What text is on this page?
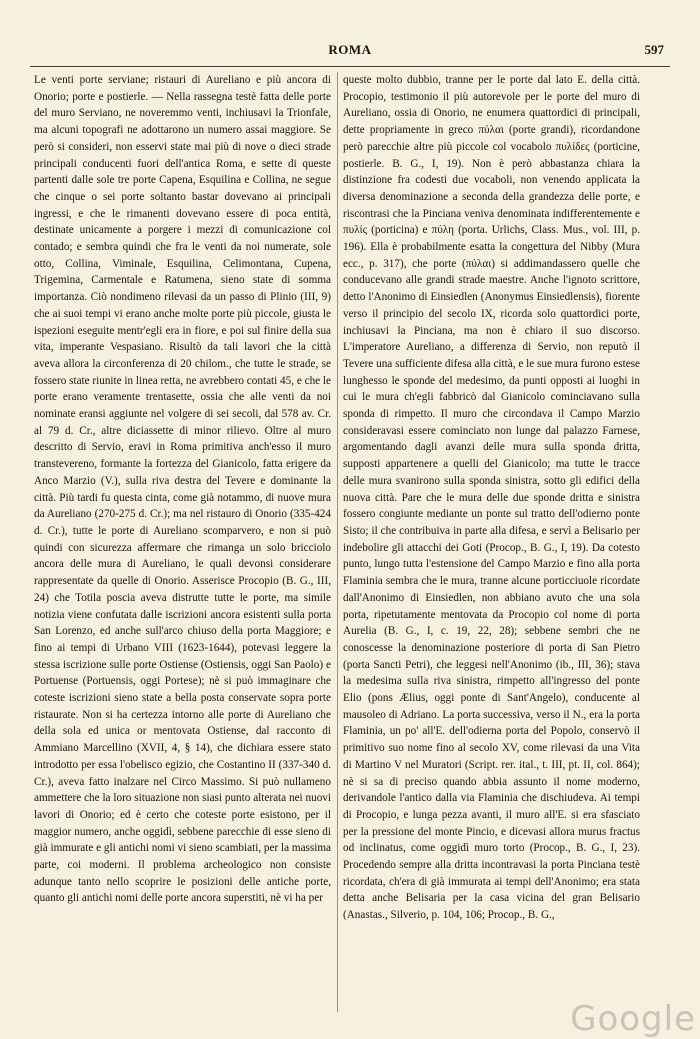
ROMA	597

Le venti porte serviane; ristauri di Aureliano e più ancora di Onorio; porte e postierle. — Nella rassegna testè fatta delle porte del muro Serviano, ne noveremmo venti, inchiusavi la Trionfale, ma alcuni topografi ne adottarono un numero assai maggiore. Se però si consideri, non esservi state mai più di nove o dieci strade principali conducenti fuori dell'antica Roma, e sette di queste partenti dalle sole tre porte Capena, Esquilina e Collina, ne segue che cinque o sei porte soltanto bastar dovevano ai principali ingressi, e che le rimanenti dovevano essere di poca entità, destinate unicamente a porgere i mezzi di comunicazione col contado; e sembra quindi che fra le venti da noi numerate, sole otto, Collina, Viminale, Esquilina, Celimontana, Cupena, Trigemina, Carmentale e Ratumena, sieno state di somma importanza. Ciò nondimeno rilevasi da un passo di Plinio (III, 9) che ai suoi tempi vi erano anche molte porte più piccole, giusta le ispezioni eseguite mentr'egli era in fiore, e poi sul finire della sua vita, imperante Vespasiano. Risultò da tali lavori che la città aveva allora la circonferenza di 20 chilom., che tutte le strade, se fossero state riunite in linea retta, ne avrebbero contati 45, e che le porte erano veramente trentasette, ossia che alle venti da noi nominate eransi aggiunte nel volgere di sei secoli, dal 578 av. Cr. al 79 d. Cr., altre diciassette di minor rilievo. Oltre al muro descritto di Servio, eravi in Roma primitiva anch'esso il muro transtevereno, formante la fortezza del Gianicolo, fatta erigere da Anco Marzio (V.), sulla riva destra del Tevere e dominante la città. Più tardi fu questa cinta, come già notammo, di nuove mura da Aureliano (270-275 d. Cr.); ma nel ristauro di Onorio (335-424 d. Cr.), tutte le porte di Aureliano scomparvero, e non si può quindi con sicurezza affermare che rimanga un solo bricciolo ancora delle mura di Aureliano, le quali devonsi considerare rappresentate da quelle di Onorio. Asserisce Procopio (B. G., III, 24) che Totila poscia aveva distrutte tutte le porte, ma simile notizia viene confutata dalle iscrizioni ancora esistenti sulla porta San Lorenzo, ed anche sull'arco chiuso della porta Maggiore; e fino ai tempi di Urbano VIII (1623-1644), potevasi leggere la stessa iscrizione sulle porte Ostiense (Ostiensis, oggi San Paolo) e Portuense (Portuensis, oggi Portese); nè si può immaginare che coteste iscrizioni sieno state a bella posta conservate sopra porte ristaurate. Non si ha certezza intorno alle porte di Aureliano che della sola ed unica or mentovata Ostiense, dal racconto di Ammiano Marcellino (XVII, 4, § 14), che dichiara essere stato introdotto per essa l'obelisco egizio, che Costantino II (337-340 d. Cr.), aveva fatto inalzare nel Circo Massimo. Si può nullameno ammettere che la loro situazione non siasi punto alterata nei nuovi lavori di Onorio; ed è certo che coteste porte esistono, per il maggior numero, anche oggidì, sebbene parecchie di esse sieno di già immurate e gli antichi nomi vi sieno scambiati, per la massima parte, coi moderni. Il problema archeologico non consiste adunque tanto nello scoprire le posizioni delle antiche porte, quanto gli antichi nomi delle porte ancora superstiti, nè vi ha per

queste molto dubbio, tranne per le porte dal lato E. della città. Procopio, testimonio il più autorevole per le porte del muro di Aureliano, ossia di Onorio, ne enumera quattordici di principali, dette propriamente in greco πύλαι (porte grandi), ricordandone però parecchie altre più piccole col vocabolo πυλίδες (porticine, postierle. B. G., I, 19). Non è però abbastanza chiara la distinzione fra codesti due vocaboli, non venendo applicata la diversa denominazione a seconda della grandezza delle porte, e riscontrasi che la Pinciana veniva denominata indifferentemente e πυλίς (porticina) e πύλη (porta. Urlichs, Class. Mus., vol. III, p. 196). Ella è probabilmente esatta la congettura del Nibby (Mura ecc., p. 317), che porte (πύλαι) si addimandassero quelle che conducevano alle grandi strade maestre. Anche l'ignoto scrittore, detto l'Anonimo di Einsiedlen (Anonymus Einsiedlensis), fiorente verso il principio del secolo IX, ricorda solo quattordici porte, inchiusavi la Pinciana, ma non è chiaro il suo discorso. L'imperatore Aureliano, a differenza di Servio, non reputò il Tevere una sufficiente difesa alla città, e le sue mura furono estese lunghesso le sponde del medesimo, da punti opposti ai luoghi in cui le mura ch'egli fabbricò dal Gianicolo cominciavano sulla sponda di rimpetto. Il muro che circondava il Campo Marzio consideravasi essere cominciato non lunge dal palazzo Farnese, argomentando dagli avanzi delle mura sulla sponda dritta, supposti appartenere a quelli del Gianicolo; ma tutte le tracce delle mura svanirono sulla sponda sinistra, sotto gli edifici della nuova città. Pare che le mura delle due sponde dritta e sinistra fossero congiunte mediante un ponte sul tratto dell'odierno ponte Sisto; il che contribuiva in parte alla difesa, e servì a Belisario per indebolire gli attacchi dei Goti (Procop., B. G., I, 19). Da cotesto punto, lungo tutta l'estensione del Campo Marzio e fino alla porta Flaminia sembra che le mura, tranne alcune porticciuole ricordate dall'Anonimo di Einsiedlen, non abbiano avuto che una sola porta, ripetutamente mentovata da Procopio col nome di porta Aurelia (B. G., I, c. 19, 22, 28); sebbene sembri che ne conoscesse la denominazione posteriore di porta di San Pietro (porta Sancti Petri), che leggesi nell'Anonimo (ib., III, 36); stava la medesima sulla riva sinistra, rimpetto all'ingresso del ponte Elio (pons Ælius, oggi ponte di Sant'Angelo), conducente al mausoleo di Adriano. La porta successiva, verso il N., era la porta Flaminia, un po' all'E. dell'odierna porta del Popolo, conservò il primitivo suo nome fino al secolo XV, come rilevasi da una Vita di Martino V nel Muratori (Script. rer. ital., t. III, pt. II, col. 864); nè si sa di preciso quando abbia assunto il nome moderno, derivandole l'antico dalla via Flaminia che dischiudeva. Ai tempi di Procopio, e lunga pezza avanti, il muro all'E. si era sfasciato per la pressione del monte Pincio, e dicevasi allora murus fractus od inclinatus, come oggidì muro torto (Procop., B. G., I, 23). Procedendo sempre alla dritta incontravasi la porta Pinciana testè ricordata, ch'era di già immurata ai tempi dell'Anonimo; era stata detta anche Belisaria per la casa vicina del gran Belisario (Anastas., Silverio, p. 104, 106; Procop., B. G.,

Google
